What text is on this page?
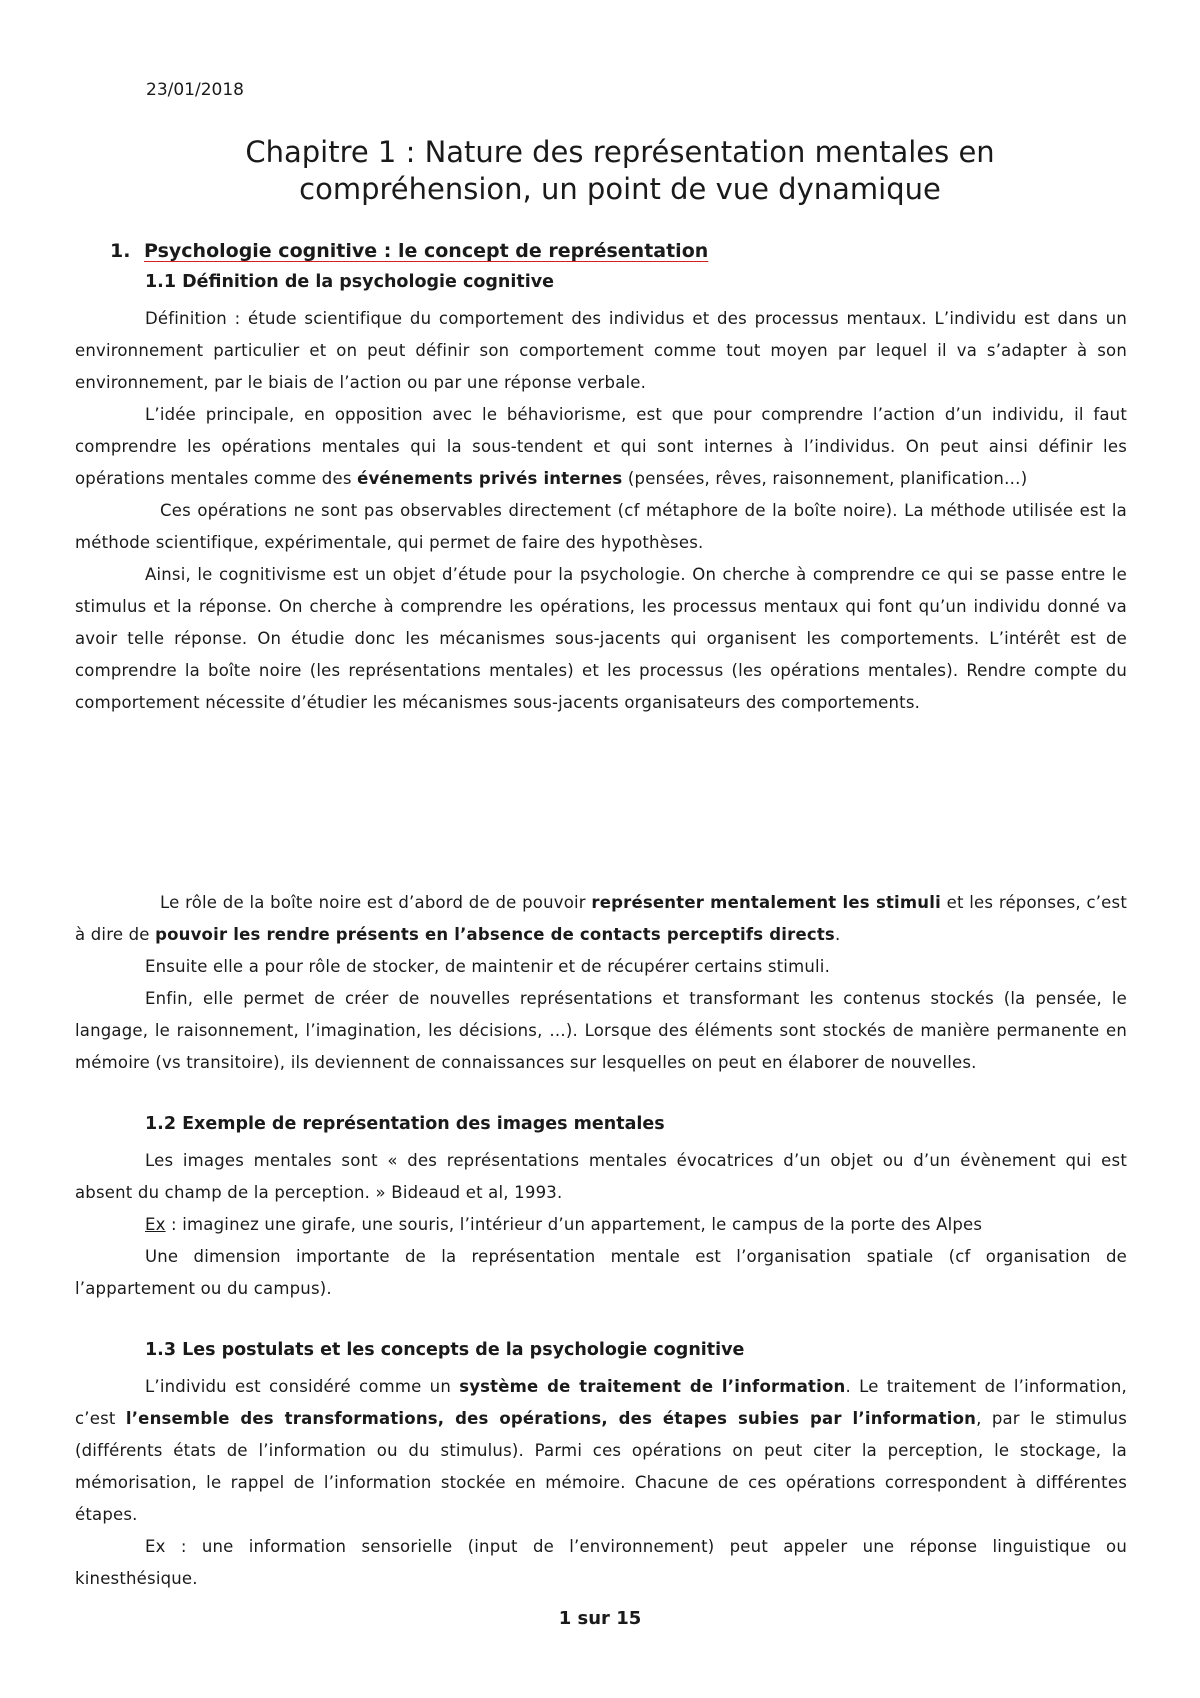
23/01/2018
Chapitre 1 : Nature des représentation mentales en
compréhension, un point de vue dynamique
1. Psychologie cognitive : le concept de représentation
1.1 Définition de la psychologie cognitive

Définition : étude scientifique du comportement des individus et des processus mentaux. L’individu est dans un environnement particulier et on peut définir son comportement comme tout moyen par lequel il va s’adapter à son environnement, par le biais de l’action ou par une réponse verbale.

L’idée principale, en opposition avec le béhaviorisme, est que pour comprendre l’action d’un individu, il faut comprendre les opérations mentales qui la sous-tendent et qui sont internes à l’individus. On peut ainsi définir les opérations mentales comme des événements privés internes (pensées, rêves, raisonnement, planification…)

Ces opérations ne sont pas observables directement (cf métaphore de la boîte noire). La méthode utilisée est la méthode scientifique, expérimentale, qui permet de faire des hypothèses.

Ainsi, le cognitivisme est un objet d’étude pour la psychologie. On cherche à comprendre ce qui se passe entre le stimulus et la réponse. On cherche à comprendre les opérations, les processus mentaux qui font qu’un individu donné va avoir telle réponse. On étudie donc les mécanismes sous-jacents qui organisent les comportements. L’intérêt est de comprendre la boîte noire (les représentations mentales) et les processus (les opérations mentales). Rendre compte du comportement nécessite d’étudier les mécanismes sous-jacents organisateurs des comportements.

Le rôle de la boîte noire est d’abord de de pouvoir représenter mentalement les stimuli et les réponses, c’est à dire de pouvoir les rendre présents en l’absence de contacts perceptifs directs.

Ensuite elle a pour rôle de stocker, de maintenir et de récupérer certains stimuli.

Enfin, elle permet de créer de nouvelles représentations et transformant les contenus stockés (la pensée, le langage, le raisonnement, l’imagination, les décisions, …). Lorsque des éléments sont stockés de manière permanente en mémoire (vs transitoire), ils deviennent de connaissances sur lesquelles on peut en élaborer de nouvelles.

1.2 Exemple de représentation des images mentales

Les images mentales sont « des représentations mentales évocatrices d’un objet ou d’un évènement qui est absent du champ de la perception. » Bideaud et al, 1993.

Ex : imaginez une girafe, une souris, l’intérieur d’un appartement, le campus de la porte des Alpes

Une dimension importante de la représentation mentale est l’organisation spatiale (cf organisation de l’appartement ou du campus).

1.3 Les postulats et les concepts de la psychologie cognitive

L’individu est considéré comme un système de traitement de l’information. Le traitement de l’information, c’est l’ensemble des transformations, des opérations, des étapes subies par l’information, par le stimulus (différents états de l’information ou du stimulus). Parmi ces opérations on peut citer la perception, le stockage, la mémorisation, le rappel de l’information stockée en mémoire. Chacune de ces opérations correspondent à différentes étapes.

Ex : une information sensorielle (input de l’environnement) peut appeler une réponse linguistique ou kinesthésique.

1 sur 15
